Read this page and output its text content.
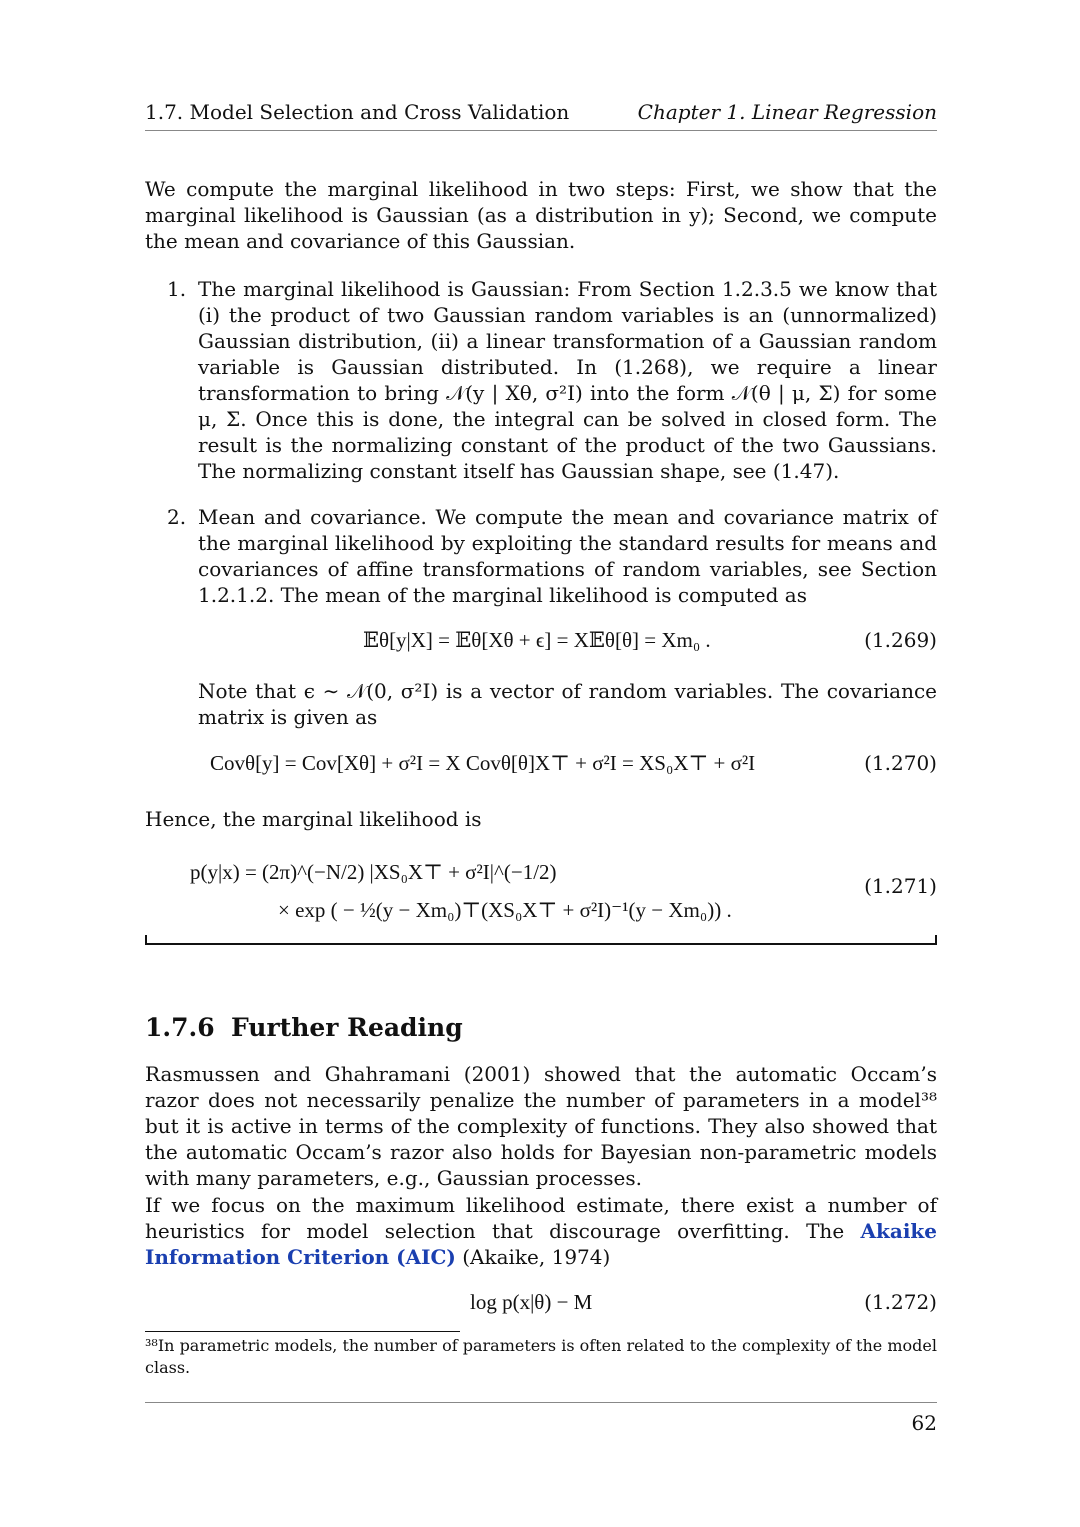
1.7. Model Selection and Cross Validation	Chapter 1. Linear Regression

We compute the marginal likelihood in two steps: First, we show that the marginal likelihood is Gaussian (as a distribution in y); Second, we compute the mean and covariance of this Gaussian.

1. The marginal likelihood is Gaussian: From Section 1.2.3.5 we know that (i) the product of two Gaussian random variables is an (unnormalized) Gaussian distribution, (ii) a linear transformation of a Gaussian random variable is Gaussian distributed. In (1.268), we require a linear transformation to bring 𝒩(y | Xθ, σ²I) into the form 𝒩(θ | μ, Σ) for some μ, Σ. Once this is done, the integral can be solved in closed form. The result is the normalizing constant of the product of the two Gaussians. The normalizing constant itself has Gaussian shape, see (1.47).

2. Mean and covariance. We compute the mean and covariance matrix of the marginal likelihood by exploiting the standard results for means and covariances of affine transformations of random variables, see Section 1.2.1.2. The mean of the marginal likelihood is computed as

𝔼θ[y|X] = 𝔼θ[Xθ + ϵ] = X𝔼θ[θ] = Xm₀ .	(1.269)

Note that ϵ ∼ 𝒩(0, σ²I) is a vector of random variables. The covariance matrix is given as

Covθ[y] = Cov[Xθ] + σ²I = X Covθ[θ]X⊤ + σ²I = XS₀X⊤ + σ²I	(1.270)

Hence, the marginal likelihood is

p(y|x) = (2π)^(−N/2) |XS₀X⊤ + σ²I|^(−1/2)
× exp ( − ½(y − Xm₀)⊤(XS₀X⊤ + σ²I)⁻¹(y − Xm₀)) .
(1.271)
1.7.6 Further Reading

Rasmussen and Ghahramani (2001) showed that the automatic Occam’s razor does not necessarily penalize the number of parameters in a model³⁸ but it is active in terms of the complexity of functions. They also showed that the automatic Occam’s razor also holds for Bayesian non-parametric models with many parameters, e.g., Gaussian processes.

If we focus on the maximum likelihood estimate, there exist a number of heuristics for model selection that discourage overfitting. The Akaike Information Criterion (AIC) (Akaike, 1974)

log p(x|θ) − M	(1.272)
³⁸In parametric models, the number of parameters is often related to the complexity of the model class.
62
